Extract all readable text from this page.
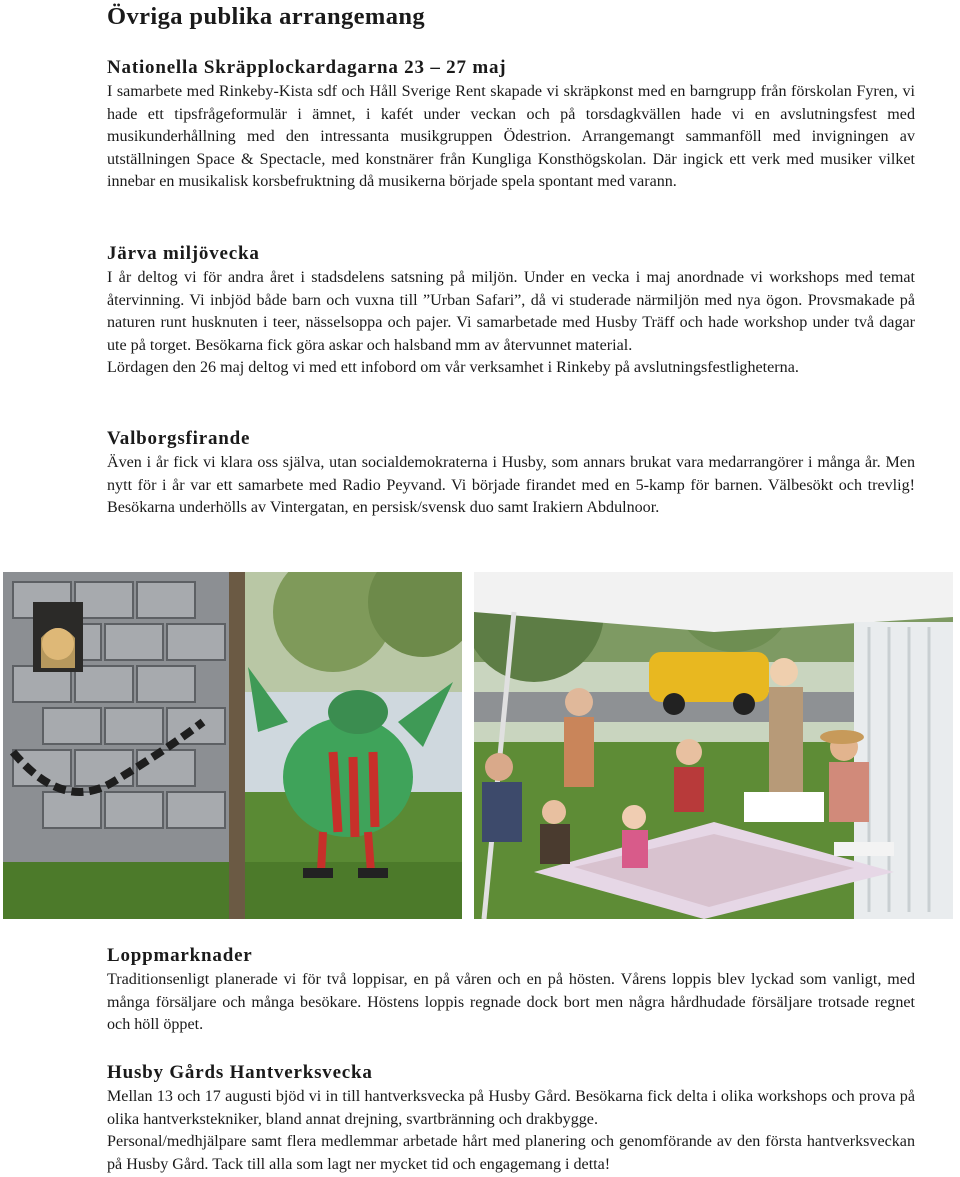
Övriga publika arrangemang
Nationella Skräpplockardagarna 23 – 27 maj

I samarbete med Rinkeby-Kista sdf och Håll Sverige Rent skapade vi skräpkonst med en barngrupp från förskolan Fyren, vi hade ett tipsfrågeformulär i ämnet, i kafét under veckan och på torsdagkvällen hade vi en avslutningsfest med musikunderhållning med den intressanta musikgruppen Ödestrion. Arrangemangt sammanföll med invigningen av utställningen Space & Spectacle, med konstnärer från Kungliga Konsthögskolan. Där ingick ett verk med musiker vilket innebar en musikalisk korsbefruktning då musikerna började spela spontant med varann.

Järva miljövecka

I år deltog vi för andra året i stadsdelens satsning på miljön. Under en vecka i maj anordnade vi workshops med temat återvinning. Vi inbjöd både barn och vuxna till ”Urban Safari”, då vi studerade närmiljön med nya ögon. Provsmakade på naturen runt husknuten i teer, nässelsoppa och pajer. Vi samarbetade med Husby Träff och hade workshop under två dagar ute på torget. Besökarna fick göra askar och halsband mm av återvunnet material.

Lördagen den 26 maj deltog vi med ett infobord om vår verksamhet i Rinkeby på avslutningsfestligheterna.

Valborgsfirande

Även i år fick vi klara oss själva, utan socialdemokraterna i Husby, som annars brukat vara medarrangörer i många år. Men nytt för i år var ett samarbete med Radio Peyvand. Vi började firandet med en 5-kamp för barnen. Välbesökt och trevlig! Besökarna underhölls av Vintergatan, en persisk/svensk duo samt Irakiern Abdulnoor.

Loppmarknader

Traditionsenligt planerade vi för två loppisar, en på våren och en på hösten. Vårens loppis blev lyckad som vanligt, med många försäljare och många besökare. Höstens loppis regnade dock bort men några hårdhudade försäljare trotsade regnet och höll öppet.

Husby Gårds Hantverksvecka

Mellan 13 och 17 augusti bjöd vi in till hantverksvecka på Husby Gård. Besökarna fick delta i olika workshops och prova på olika hantverkstekniker, bland annat drejning, svartbränning och drakbygge.

Personal/medhjälpare samt flera medlemmar arbetade hårt med planering och genomförande av den första hantverksveckan på Husby Gård. Tack till alla som lagt ner mycket tid och engagemang i detta!
